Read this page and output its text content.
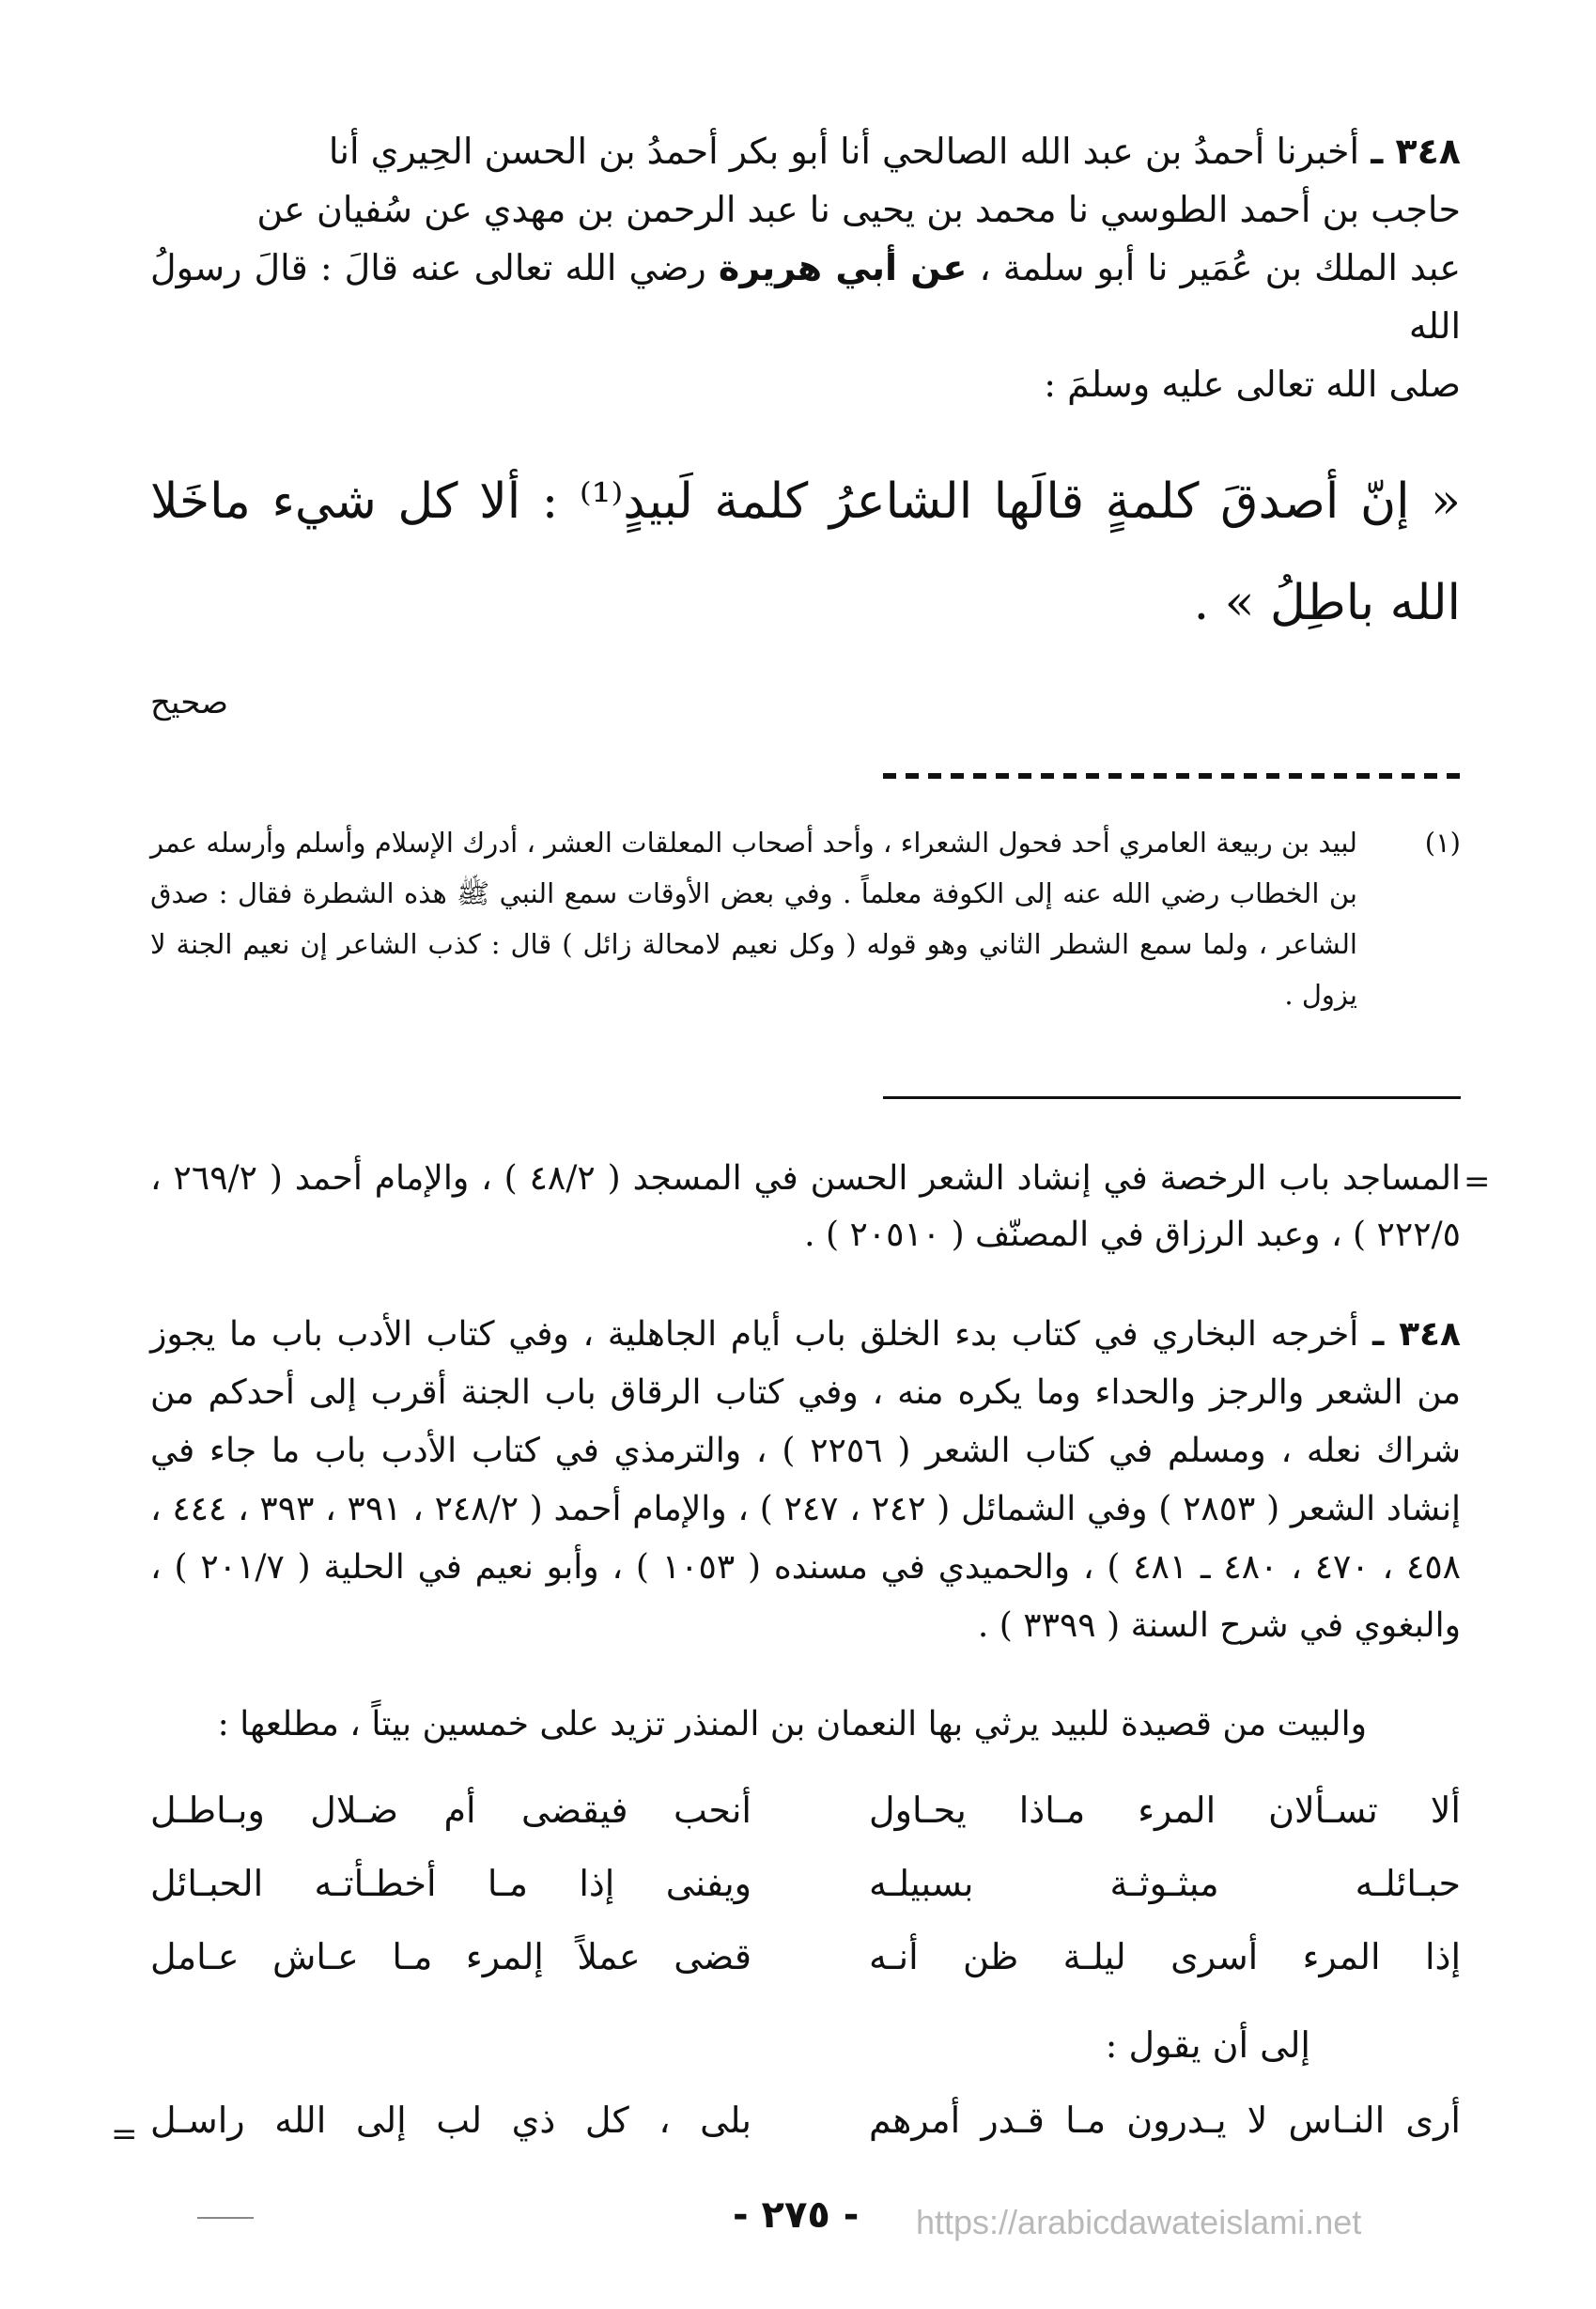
٣٤٨ ـ أخبرنا أحمدُ بن عبد الله الصالحي أنا أبو بكر أحمدُ بن الحسن الحِيري أنا

حاجب بن أحمد الطوسي نا محمد بن يحيى نا عبد الرحمن بن مهدي عن سُفيان عن

عبد الملك بن عُمَير نا أبو سلمة ، عن أبي هريرة رضي الله تعالى عنه قالَ : قالَ رسولُ الله

صلى الله تعالى عليه وسلمَ :

« إنّ أصدقَ كلمةٍ قالَها الشاعرُ كلمة لَبيدٍ⁽¹⁾ : ألا كل شيء ماخَلا الله باطِلُ » .

صحيح
(١)
لبيد بن ربيعة العامري أحد فحول الشعراء ، وأحد أصحاب المعلقات العشر ، أدرك الإسلام وأسلم وأرسله عمر بن الخطاب رضي الله عنه إلى الكوفة معلماً . وفي بعض الأوقات سمع النبي ﷺ هذه الشطرة فقال : صدق الشاعر ، ولما سمع الشطر الثاني وهو قوله ( وكل نعيم لامحالة زائل ) قال : كذب الشاعر إن نعيم الجنة لا يزول .
=

المساجد باب الرخصة في إنشاد الشعر الحسن في المسجد ( ٤٨/٢ ) ، والإمام أحمد ( ٢٦٩/٢ ، ٢٢٢/٥ ) ، وعبد الرزاق في المصنّف ( ٢٠٥١٠ ) .

٣٤٨ ـ أخرجه البخاري في كتاب بدء الخلق باب أيام الجاهلية ، وفي كتاب الأدب باب ما يجوز من الشعر والرجز والحداء وما يكره منه ، وفي كتاب الرقاق باب الجنة أقرب إلى أحدكم من شراك نعله ، ومسلم في كتاب الشعر ( ٢٢٥٦ ) ، والترمذي في كتاب الأدب باب ما جاء في إنشاد الشعر ( ٢٨٥٣ ) وفي الشمائل ( ٢٤٢ ، ٢٤٧ ) ، والإمام أحمد ( ٢٤٨/٢ ، ٣٩١ ، ٣٩٣ ، ٤٤٤ ، ٤٥٨ ، ٤٧٠ ، ٤٨٠ ـ ٤٨١ ) ، والحميدي في مسنده ( ١٠٥٣ ) ، وأبو نعيم في الحلية ( ٢٠١/٧ ) ، والبغوي في شرح السنة ( ٣٣٩٩ ) .

والبيت من قصيدة للبيد يرثي بها النعمان بن المنذر تزيد على خمسين بيتاً ، مطلعها :
ألا تسـألان المرء مـاذا يحـاول
أنحب فيقضى أم ضـلال وبـاطـل
حبـائلـه مبثـوثـة بسبيلـه
ويفنى إذا مـا أخطـأتـه الحبـائل
إذا المرء أسرى ليلـة ظن أنـه
قضى عملاً إلمرء مـا عـاش عـامل
إلى أن يقول :
أرى النـاس لا يـدرون مـا قـدر أمرهم
بلى ، كل ذي لب إلى الله راسـل
=
- ٢٧٥ - https://arabicdawateislami.net
